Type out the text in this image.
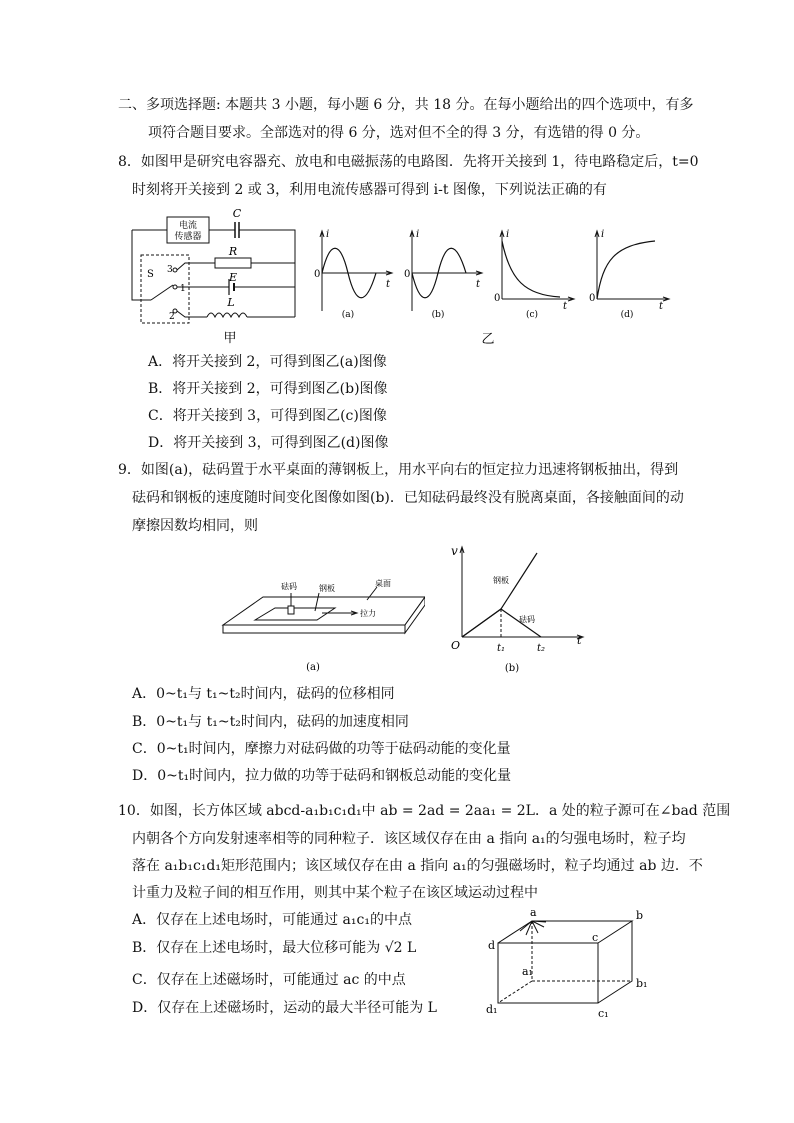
二、多项选择题: 本题共 3 小题，每小题 6 分，共 18 分。在每小题给出的四个选项中，有多
项符合题目要求。全部选对的得 6 分，选对但不全的得 3 分，有选错的得 0 分。
8．如图甲是研究电容器充、放电和电磁振荡的电路图．先将开关接到 1，待电路稳定后，t=0
时刻将开关接到 2 或 3，利用电流传感器可得到 i-t 图像，下列说法正确的有
电流
传感器
C
R
E
L
S 3
1
2
甲
i
t
i
t
i
t
i
t
0	0
0	0
(a)	(b)	(c)	(d)
乙
A．将开关接到 2，可得到图乙(a)图像
B．将开关接到 2，可得到图乙(b)图像
C．将开关接到 3，可得到图乙(c)图像
D．将开关接到 3，可得到图乙(d)图像
9．如图(a)，砝码置于水平桌面的薄钢板上，用水平向右的恒定拉力迅速将钢板抽出，得到
砝码和钢板的速度随时间变化图像如图(b)．已知砝码最终没有脱离桌面，各接触面间的动
摩擦因数均相同，则
砝码	钢板
桌面
拉力
(a)
v
t
O	t₁	t₂
钢板
砝码
(b)
A．0~t₁与 t₁~t₂时间内，砝码的位移相同
B．0~t₁与 t₁~t₂时间内，砝码的加速度相同
C．0~t₁时间内，摩擦力对砝码做的功等于砝码动能的变化量
D．0~t₁时间内，拉力做的功等于砝码和钢板总动能的变化量
10．如图，长方体区域 abcd-a₁b₁c₁d₁中 ab = 2ad = 2aa₁ = 2L．a 处的粒子源可在∠bad 范围
内朝各个方向发射速率相等的同种粒子．该区域仅存在由 a 指向 a₁的匀强电场时，粒子均
落在 a₁b₁c₁d₁矩形范围内；该区域仅存在由 a 指向 a₁的匀强磁场时，粒子均通过 ab 边．不
计重力及粒子间的相互作用，则其中某个粒子在该区域运动过程中
A．仅存在上述电场时，可能通过 a₁c₁的中点
B．仅存在上述电场时，最大位移可能为 √2 L
C．仅存在上述磁场时，可能通过 ac 的中点
D．仅存在上述磁场时，运动的最大半径可能为 L
a	b
c
d
a₁
b₁
c₁
d₁
